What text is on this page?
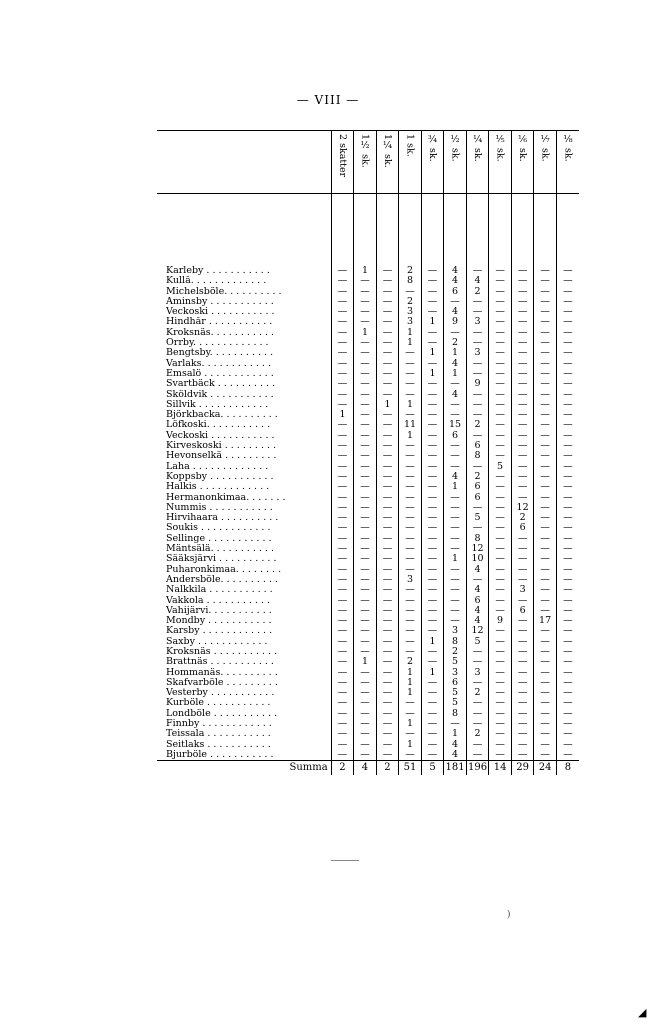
— VIII —
	2 skatter	1½ sk.	1¼ sk.	1 sk.	¾ sk.	½ sk.	¼ sk.	⅕ sk.	⅙ sk.	⅐ sk.	⅛ sk.

Karleby . . . . . . . . . . .	—	1	—	2	—	4	—	—	—	—	—
Kullå. . . . . . . . . . . . .	—	—	—	8	—	4	4	—	—	—	—
Michelsböle. . . . . . . . . .	—	—	—	—	—	6	2	—	—	—	—
Åminsby . . . . . . . . . . .	—	—	—	2	—	—	—	—	—	—	—
Veckoski . . . . . . . . . . .	—	—	—	3	—	4	—	—	—	—	—
Hindhår . . . . . . . . . . .	—	—	—	3	1	9	3	—	—	—	—
Kroksnäs. . . . . . . . . . .	—	1	—	1	—	—	—	—	—	—	—
Orrby. . . . . . . . . . . . .	—	—	—	1	—	2	—	—	—	—	—
Bengtsby. . . . . . . . . . .	—	—	—	—	1	1	3	—	—	—	—
Varlaks. . . . . . . . . . . .	—	—	—	—	—	4	—	—	—	—	—
Emsalö . . . . . . . . . . . .	—	—	—	—	1	1	—	—	—	—	—
Svartbäck . . . . . . . . . .	—	—	—	—	—	—	9	—	—	—	—
Sköldvik . . . . . . . . . . .	—	—	—	—	—	4	—	—	—	—	—
Sillvik . . . . . . . . . . . .	—	—	1	1	—	—	—	—	—	—	—
Björkbacka. . . . . . . . . .	1	—	—	—	—	—	—	—	—	—	—
Löfkoski. . . . . . . . . . .	—	—	—	11	—	15	2	—	—	—	—
Veckoski . . . . . . . . . . .	—	—	—	1	—	6	—	—	—	—	—
Kirveskoski . . . . . . . . .	—	—	—	—	—	—	6	—	—	—	—
Hevonselkä . . . . . . . . .	—	—	—	—	—	—	8	—	—	—	—
Laha . . . . . . . . . . . . .	—	—	—	—	—	—	—	5	—	—	—
Koppsby . . . . . . . . . . .	—	—	—	—	—	4	2	—	—	—	—
Halkis . . . . . . . . . . . .	—	—	—	—	—	1	6	—	—	—	—
Hermanonkimaa. . . . . . .	—	—	—	—	—	—	6	—	—	—	—
Nummis . . . . . . . . . . .	—	—	—	—	—	—	—	—	12	—	—
Hirvihaara . . . . . . . . . .	—	—	—	—	—	—	5	—	2	—	—
Soukis . . . . . . . . . . . .	—	—	—	—	—	—	—	—	6	—	—
Sellinge . . . . . . . . . . .	—	—	—	—	—	—	8	—	—	—	—
Mäntsälä. . . . . . . . . . .	—	—	—	—	—	—	12	—	—	—	—
Sääksjärvi . . . . . . . . . .	—	—	—	—	—	1	10	—	—	—	—
Puharonkimaa. . . . . . . .	—	—	—	—	—	—	4	—	—	—	—
Andersböle. . . . . . . . . .	—	—	—	3	—	—	—	—	—	—	—
Nalkkila . . . . . . . . . . .	—	—	—	—	—	—	4	—	3	—	—
Vakkola . . . . . . . . . . .	—	—	—	—	—	—	6	—	—	—	—
Vahijärvi. . . . . . . . . . .	—	—	—	—	—	—	4	—	6	—	—
Mondby . . . . . . . . . . .	—	—	—	—	—	—	4	9	—	17	—
Karsby . . . . . . . . . . . .	—	—	—	—	—	3	12	—	—	—	—
Saxby . . . . . . . . . . . .	—	—	—	—	1	8	5	—	—	—	—
Kroksnäs . . . . . . . . . . .	—	—	—	—	—	2	—	—	—	—	—
Brattnäs . . . . . . . . . . .	—	1	—	2	—	5	—	—	—	—	—
Hommanäs. . . . . . . . . .	—	—	—	1	1	3	3	—	—	—	—
Skafvarböle . . . . . . . . .	—	—	—	1	—	6	—	—	—	—	—
Vesterby . . . . . . . . . . .	—	—	—	1	—	5	2	—	—	—	—
Kurböle . . . . . . . . . . .	—	—	—	—	—	5	—	—	—	—	—
Londböle . . . . . . . . . . .	—	—	—	—	—	8	—	—	—	—	—
Finnby . . . . . . . . . . . .	—	—	—	1	—	—	—	—	—	—	—
Teissala . . . . . . . . . . .	—	—	—	—	—	1	2	—	—	—	—
Seitlaks . . . . . . . . . . .	—	—	—	1	—	4	—	—	—	—	—
Bjurböle . . . . . . . . . . .	—	—	—	—	—	4	—	—	—	—	—
Summa	2	4	2	51	5	181	196	14	29	24	8
)
◢
